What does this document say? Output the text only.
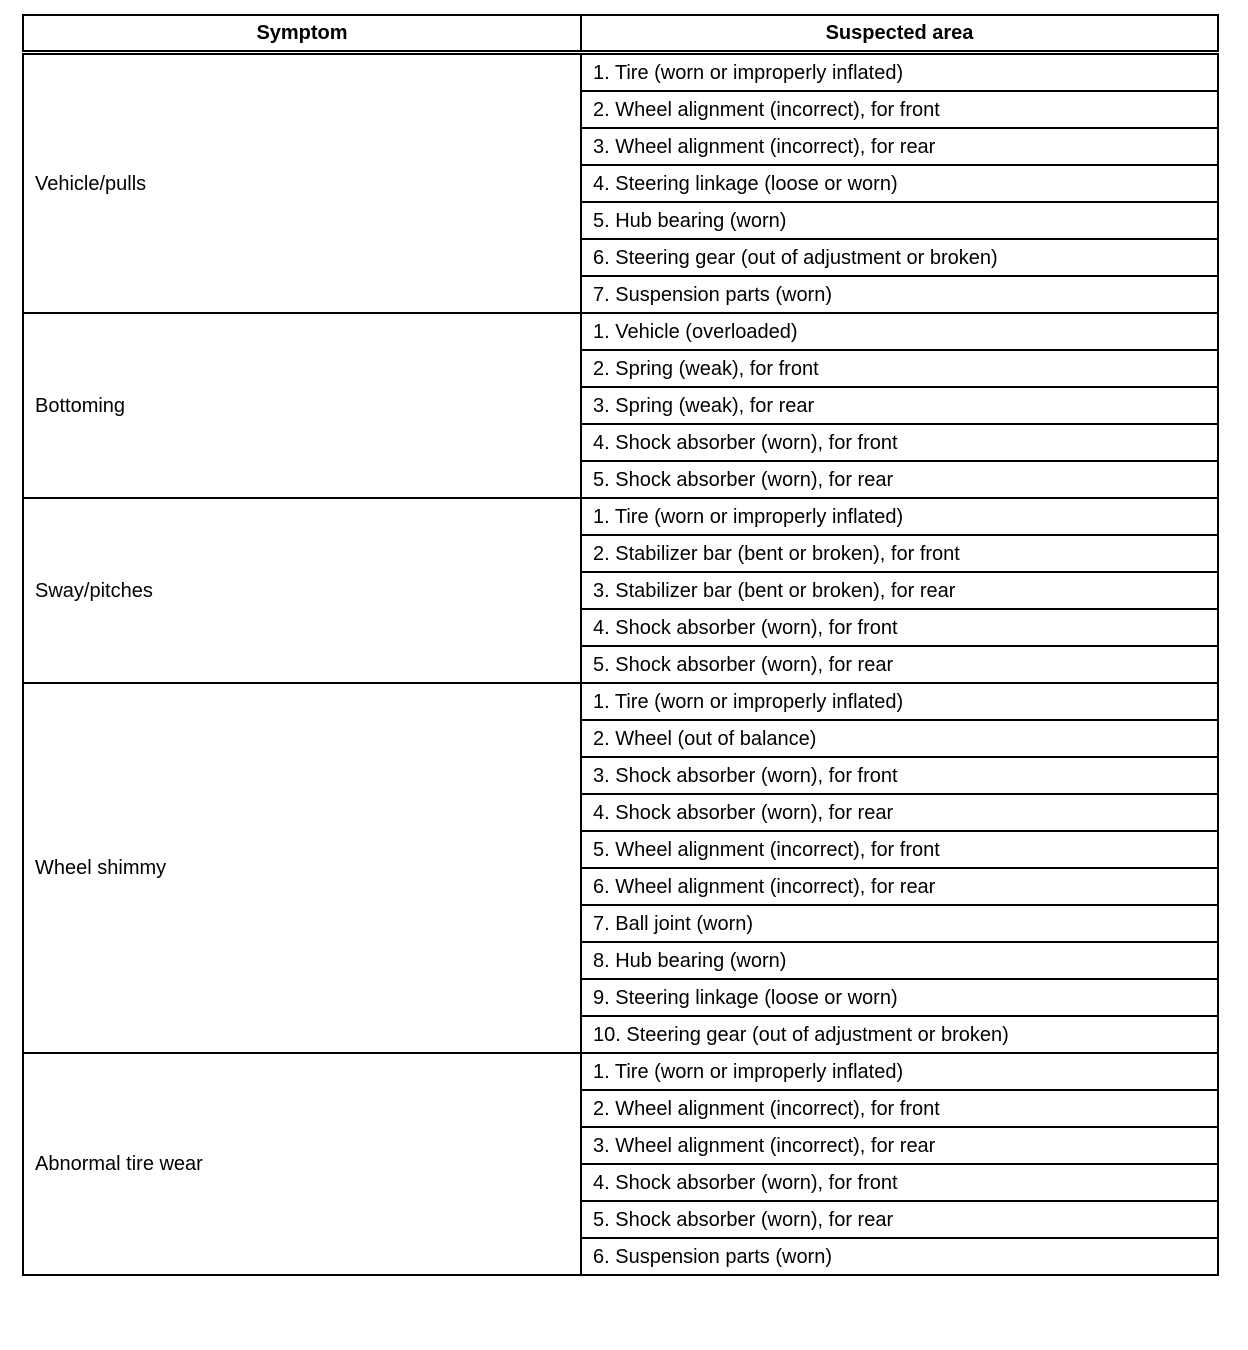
Symptom	Suspected area
Vehicle/pulls	1. Tire (worn or improperly inflated)
	2. Wheel alignment (incorrect), for front
	3. Wheel alignment (incorrect), for rear
	4. Steering linkage (loose or worn)
	5. Hub bearing (worn)
	6. Steering gear (out of adjustment or broken)
	7. Suspension parts (worn)
Bottoming	1. Vehicle (overloaded)
	2. Spring (weak), for front
	3. Spring (weak), for rear
	4. Shock absorber (worn), for front
	5. Shock absorber (worn), for rear
Sway/pitches	1. Tire (worn or improperly inflated)
	2. Stabilizer bar (bent or broken), for front
	3. Stabilizer bar (bent or broken), for rear
	4. Shock absorber (worn), for front
	5. Shock absorber (worn), for rear
Wheel shimmy	1. Tire (worn or improperly inflated)
	2. Wheel (out of balance)
	3. Shock absorber (worn), for front
	4. Shock absorber (worn), for rear
	5. Wheel alignment (incorrect), for front
	6. Wheel alignment (incorrect), for rear
	7. Ball joint (worn)
	8. Hub bearing (worn)
	9. Steering linkage (loose or worn)
	10. Steering gear (out of adjustment or broken)
Abnormal tire wear	1. Tire (worn or improperly inflated)
	2. Wheel alignment (incorrect), for front
	3. Wheel alignment (incorrect), for rear
	4. Shock absorber (worn), for front
	5. Shock absorber (worn), for rear
	6. Suspension parts (worn)
